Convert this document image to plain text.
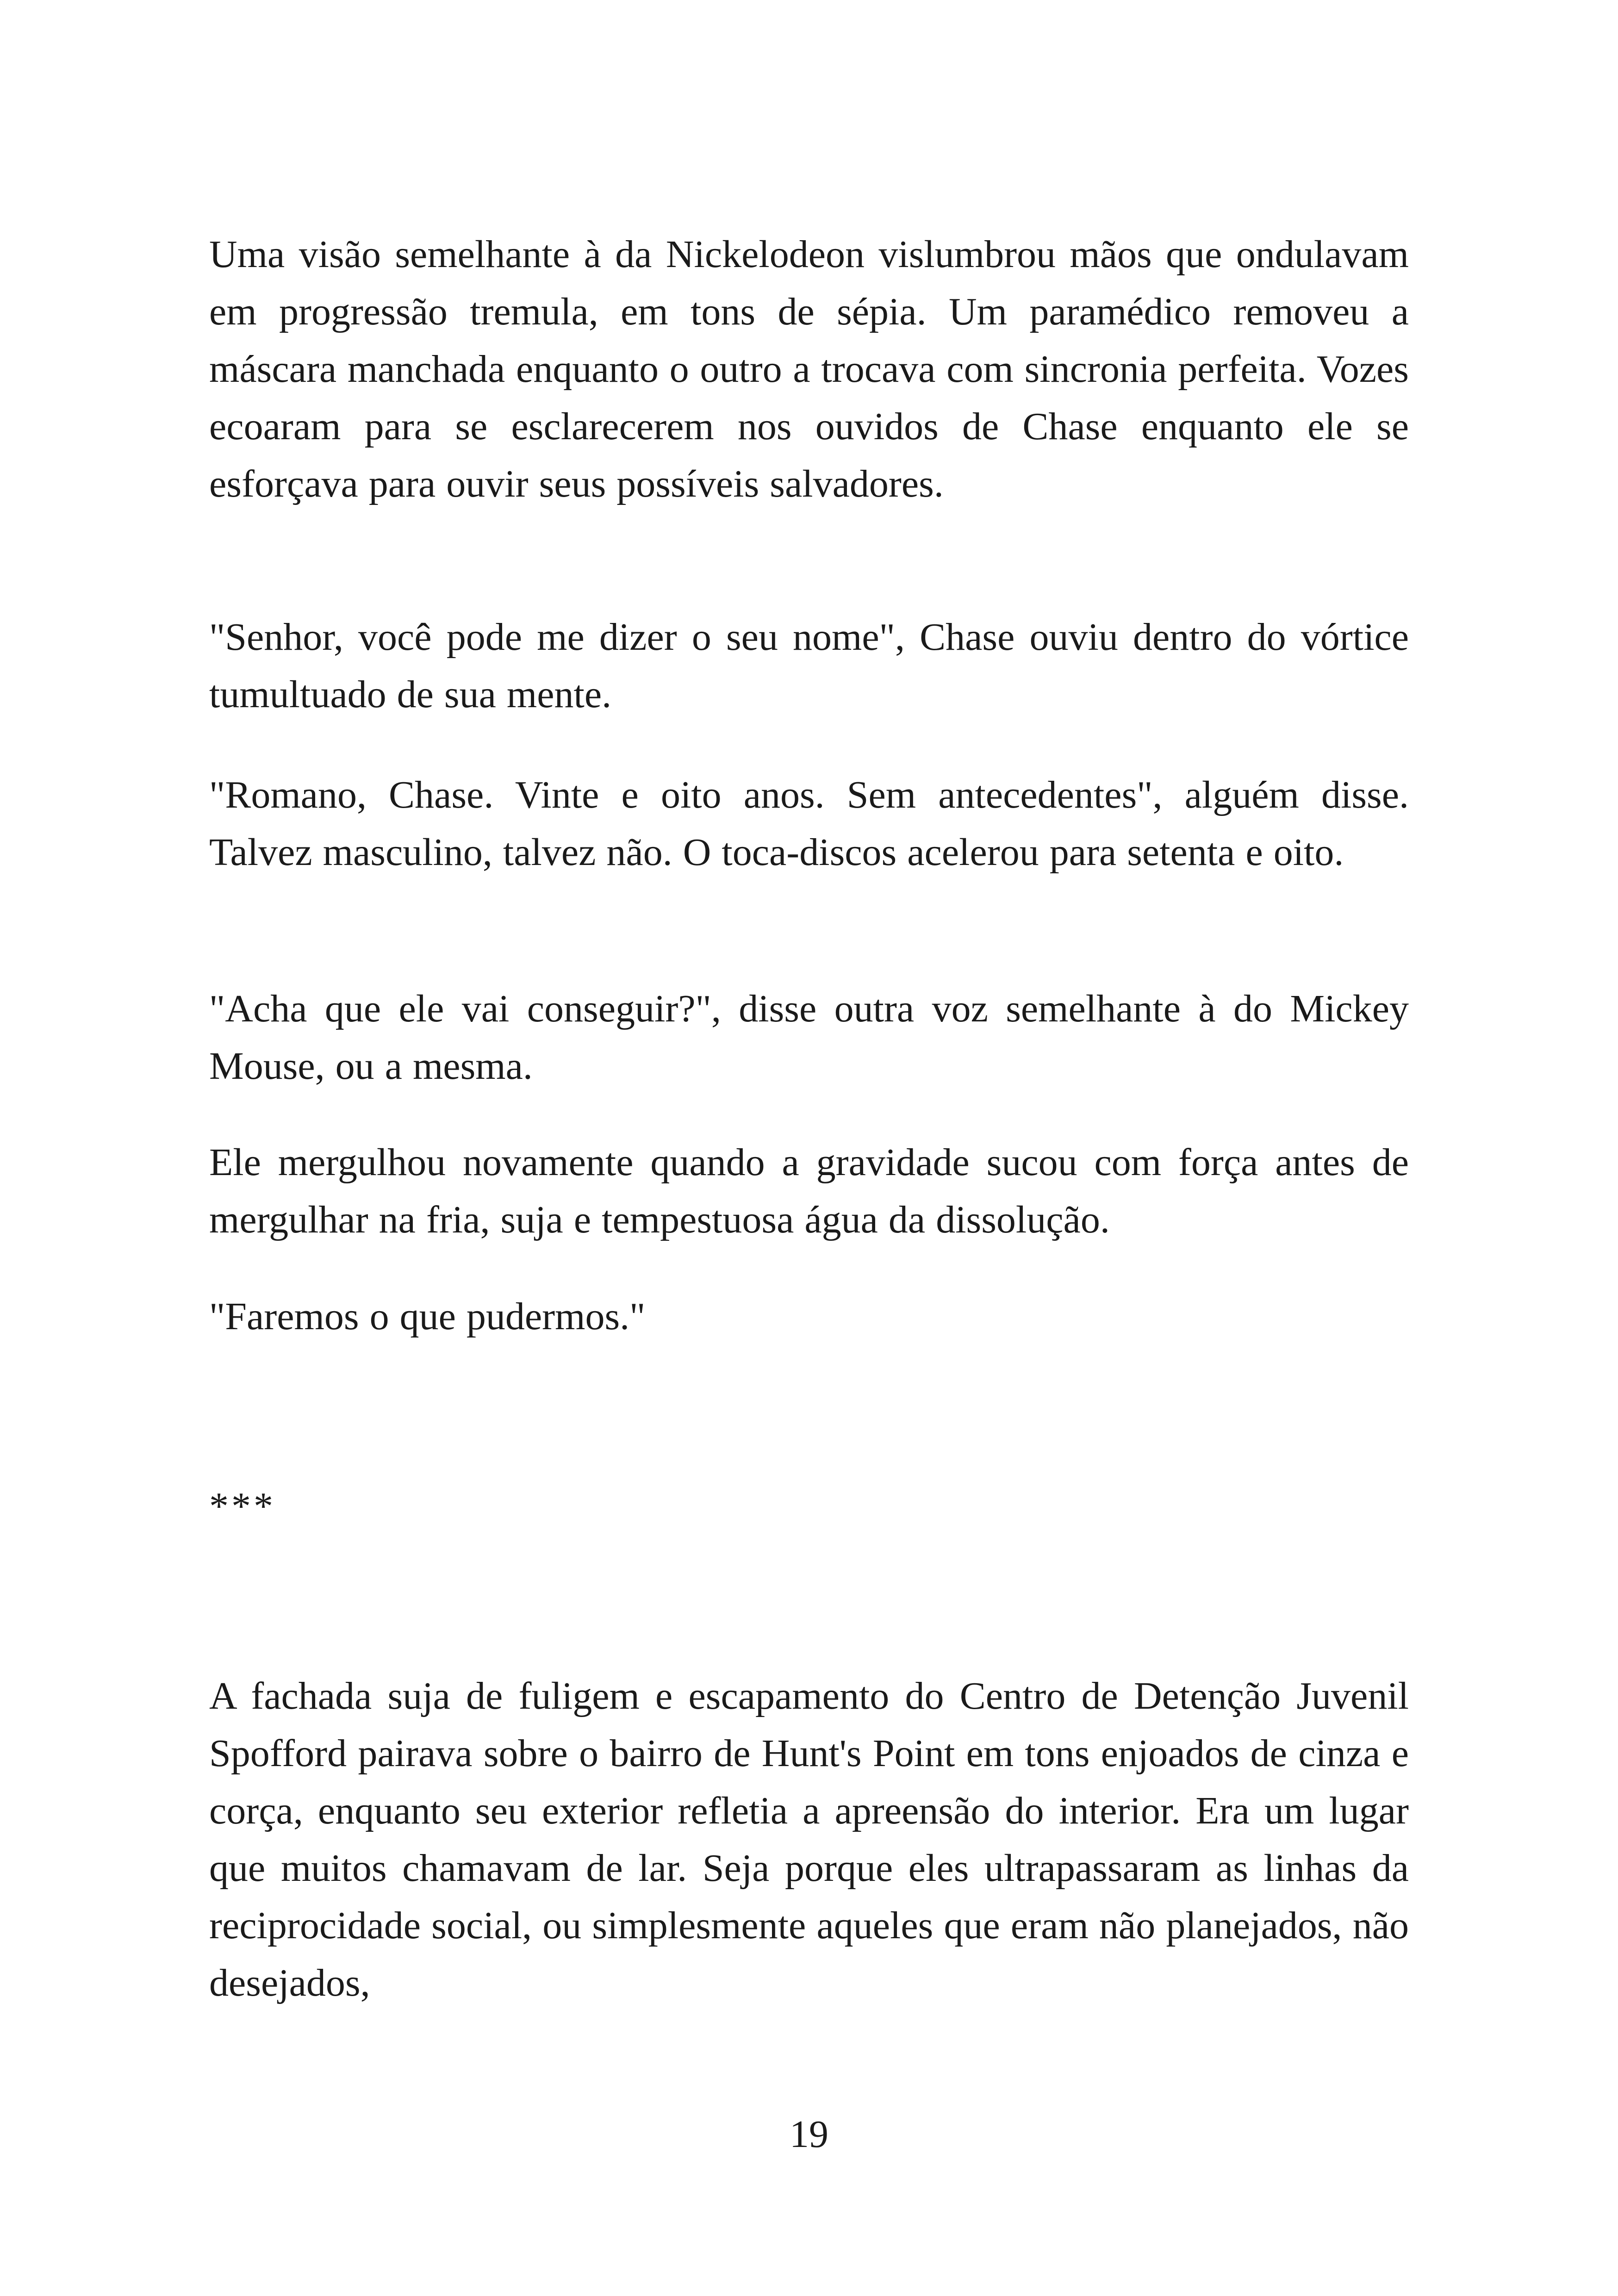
Uma visão semelhante à da Nickelodeon vislumbrou mãos que ondulavam em progressão tremula, em tons de sépia. Um paramédico removeu a máscara manchada enquanto o outro a trocava com sincronia perfeita. Vozes ecoaram para se esclarecerem nos ouvidos de Chase enquanto ele se esforçava para ouvir seus possíveis salvadores.

"Senhor, você pode me dizer o seu nome", Chase ouviu dentro do vórtice tumultuado de sua mente.

"Romano, Chase. Vinte e oito anos. Sem antecedentes", alguém disse. Talvez masculino, talvez não. O toca-discos acelerou para setenta e oito.

"Acha que ele vai conseguir?", disse outra voz semelhante à do Mickey Mouse, ou a mesma.

Ele mergulhou novamente quando a gravidade sucou com força antes de mergulhar na fria, suja e tempestuosa água da dissolução.

"Faremos o que pudermos."

***

A fachada suja de fuligem e escapamento do Centro de Detenção Juvenil Spofford pairava sobre o bairro de Hunt's Point em tons enjoados de cinza e corça, enquanto seu exterior refletia a apreensão do interior. Era um lugar que muitos chamavam de lar. Seja porque eles ultrapassaram as linhas da reciprocidade social, ou simplesmente aqueles que eram não planejados, não desejados,

19
